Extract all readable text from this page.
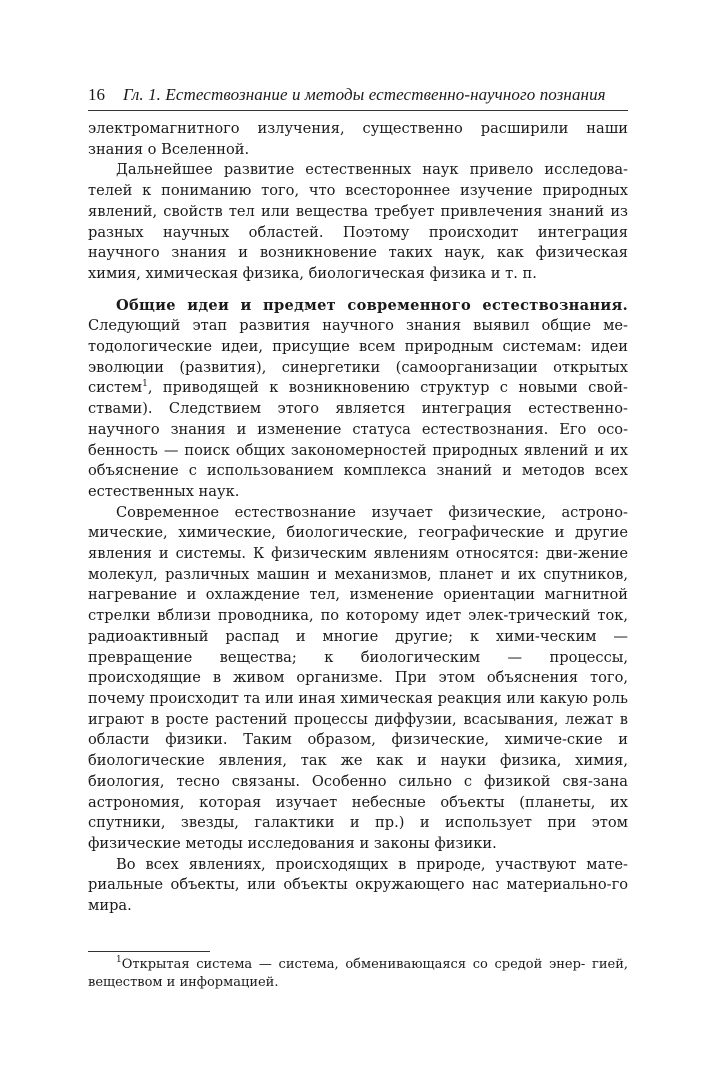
16 Гл. 1. Естествознание и методы естественно-научного познания

электромагнитного излучения, существенно расширили наши знания о Вселенной.

Дальнейшее развитие естественных наук привело исследова-телей к пониманию того, что всестороннее изучение природных явлений, свойств тел или вещества требует привлечения знаний из разных научных областей. Поэтому происходит интеграция научного знания и возникновение таких наук, как физическая химия, химическая физика, биологическая физика и т. п.

Общие идеи и предмет современного естествознания. Следующий этап развития научного знания выявил общие ме-тодологические идеи, присущие всем природным системам: идеи эволюции (развития), синергетики (самоорганизации открытых систем$^1$, приводящей к возникновению структур с новыми свой-ствами). Следствием этого является интеграция естественно-научного знания и изменение статуса естествознания. Его осо-бенность — поиск общих закономерностей природных явлений и их объяснение с использованием комплекса знаний и методов всех естественных наук.

Современное естествознание изучает физические, астроно-мические, химические, биологические, географические и другие явления и системы. К физическим явлениям относятся: дви-жение молекул, различных машин и механизмов, планет и их спутников, нагревание и охлаждение тел, изменение ориентации магнитной стрелки вблизи проводника, по которому идет элек-трический ток, радиоактивный распад и многие другие; к хими-ческим — превращение вещества; к биологическим — процессы, происходящие в живом организме. При этом объяснения того, почему происходит та или иная химическая реакция или какую роль играют в росте растений процессы диффузии, всасывания, лежат в области физики. Таким образом, физические, химиче-ские и биологические явления, так же как и науки физика, химия, биология, тесно связаны. Особенно сильно с физикой свя-зана астрономия, которая изучает небесные объекты (планеты, их спутники, звезды, галактики и пр.) и использует при этом физические методы исследования и законы физики.

Во всех явлениях, происходящих в природе, участвуют мате-риальные объекты, или объекты окружающего нас материально-го мира.

$^1$Открытая система — система, обменивающаяся со средой энер- гией, веществом и информацией.
